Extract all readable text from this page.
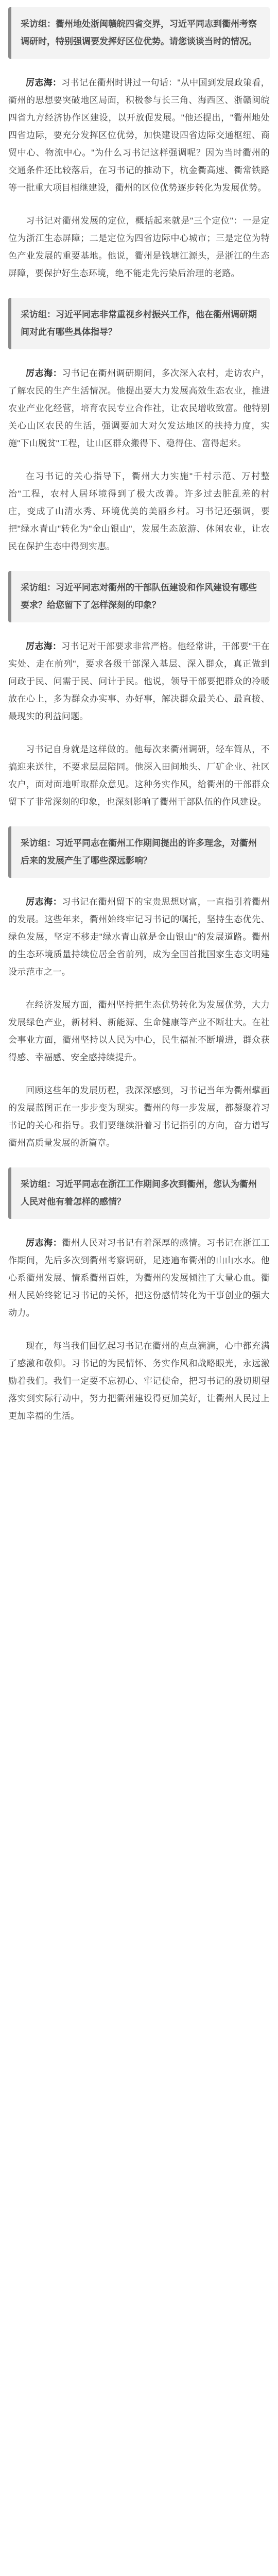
采访组：衢州地处浙闽赣皖四省交界，习近平同志到衢州考察调研时，特别强调要发挥好区位优势。请您谈谈当时的情况。

厉志海：习书记在衢州时讲过一句话："从中国到发展政策看，衢州的思想要突破地区局面，积极参与长三角、海西区、浙赣闽皖四省九方经济协作区建设，以开放促发展。"他还提出，"衢州地处四省边际，要充分发挥区位优势，加快建设四省边际交通枢纽、商贸中心、物流中心。"为什么习书记这样强调呢？因为当时衢州的交通条件还比较落后，在习书记的推动下，杭金衢高速、衢常铁路等一批重大项目相继建设，衢州的区位优势逐步转化为发展优势。

习书记对衢州发展的定位，概括起来就是"三个定位"：一是定位为浙江生态屏障；二是定位为四省边际中心城市；三是定位为特色产业发展的重要基地。他说，衢州是钱塘江源头，是浙江的生态屏障，要保护好生态环境，绝不能走先污染后治理的老路。

采访组：习近平同志非常重视乡村振兴工作，他在衢州调研期间对此有哪些具体指导？

厉志海：习书记在衢州调研期间，多次深入农村，走访农户，了解农民的生产生活情况。他提出要大力发展高效生态农业，推进农业产业化经营，培育农民专业合作社，让农民增收致富。他特别关心山区农民的生活，强调要加大对欠发达地区的扶持力度，实施"下山脱贫"工程，让山区群众搬得下、稳得住、富得起来。

在习书记的关心指导下，衢州大力实施"千村示范、万村整治"工程，农村人居环境得到了极大改善。许多过去脏乱差的村庄，变成了山清水秀、环境优美的美丽乡村。习书记还强调，要把"绿水青山"转化为"金山银山"，发展生态旅游、休闲农业，让农民在保护生态中得到实惠。

采访组：习近平同志对衢州的干部队伍建设和作风建设有哪些要求？给您留下了怎样深刻的印象？

厉志海：习书记对干部要求非常严格。他经常讲，干部要"干在实处、走在前列"，要求各级干部深入基层、深入群众，真正做到问政于民、问需于民、问计于民。他说，领导干部要把群众的冷暖放在心上，多为群众办实事、办好事，解决群众最关心、最直接、最现实的利益问题。

习书记自身就是这样做的。他每次来衢州调研，轻车简从，不搞迎来送往，不要求层层陪同。他深入田间地头、厂矿企业、社区农户，面对面地听取群众意见。这种务实作风，给衢州的干部群众留下了非常深刻的印象，也深刻影响了衢州干部队伍的作风建设。

采访组：习近平同志在衢州工作期间提出的许多理念，对衢州后来的发展产生了哪些深远影响？

厉志海：习书记在衢州留下的宝贵思想财富，一直指引着衢州的发展。这些年来，衢州始终牢记习书记的嘱托，坚持生态优先、绿色发展，坚定不移走"绿水青山就是金山银山"的发展道路。衢州的生态环境质量持续位居全省前列，成为全国首批国家生态文明建设示范市之一。

在经济发展方面，衢州坚持把生态优势转化为发展优势，大力发展绿色产业，新材料、新能源、生命健康等产业不断壮大。在社会事业方面，衢州坚持以人民为中心，民生福祉不断增进，群众获得感、幸福感、安全感持续提升。

回顾这些年的发展历程，我深深感到，习书记当年为衢州擘画的发展蓝图正在一步步变为现实。衢州的每一步发展，都凝聚着习书记的关心和指导。我们要继续沿着习书记指引的方向，奋力谱写衢州高质量发展的新篇章。

采访组：习近平同志在浙江工作期间多次到衢州，您认为衢州人民对他有着怎样的感情？

厉志海：衢州人民对习书记有着深厚的感情。习书记在浙江工作期间，先后多次到衢州考察调研，足迹遍布衢州的山山水水。他心系衢州发展、情系衢州百姓，为衢州的发展倾注了大量心血。衢州人民始终铭记习书记的关怀，把这份感情转化为干事创业的强大动力。

现在，每当我们回忆起习书记在衢州的点点滴滴，心中都充满了感激和敬仰。习书记的为民情怀、务实作风和战略眼光，永远激励着我们。我们一定要不忘初心、牢记使命，把习书记的殷切期望落实到实际行动中，努力把衢州建设得更加美好，让衢州人民过上更加幸福的生活。
